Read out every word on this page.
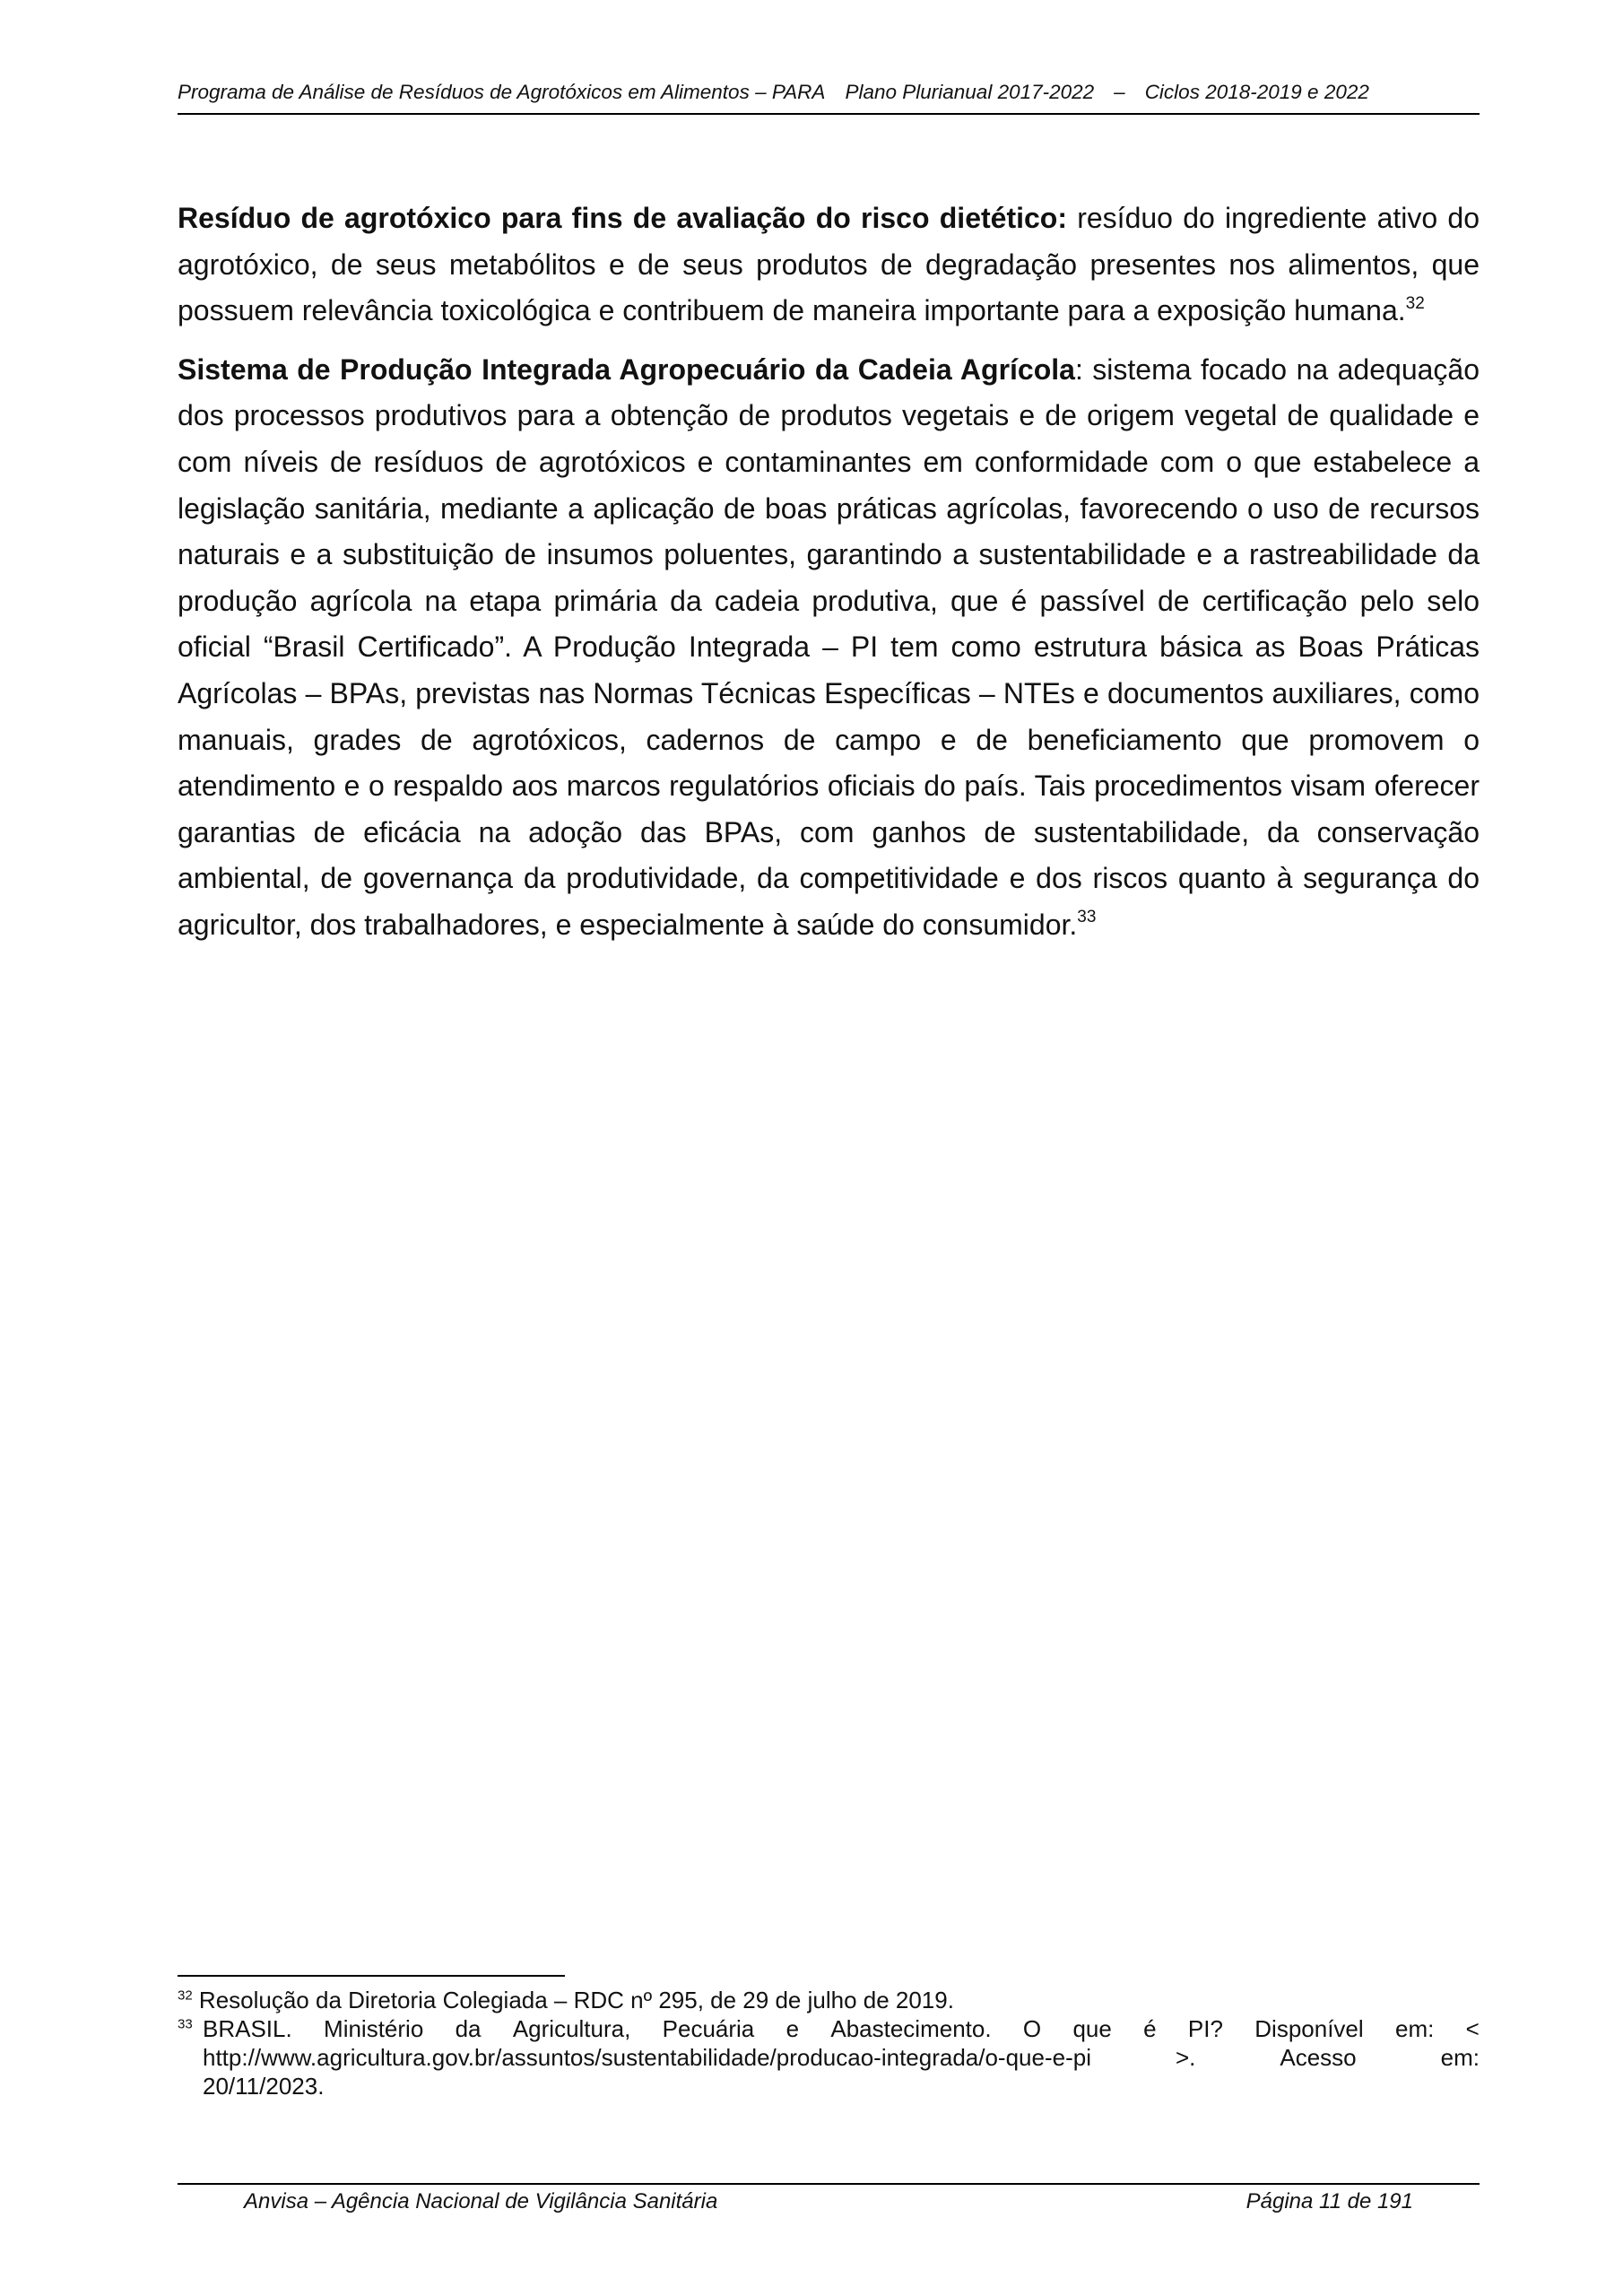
Programa de Análise de Resíduos de Agrotóxicos em Alimentos – PARA Plano Plurianual 2017-2022 – Ciclos 2018-2019 e 2022

Resíduo de agrotóxico para fins de avaliação do risco dietético: resíduo do ingrediente ativo do agrotóxico, de seus metabólitos e de seus produtos de degradação presentes nos alimentos, que possuem relevância toxicológica e contribuem de maneira importante para a exposição humana.$^{32}$

Sistema de Produção Integrada Agropecuário da Cadeia Agrícola: sistema focado na adequação dos processos produtivos para a obtenção de produtos vegetais e de origem vegetal de qualidade e com níveis de resíduos de agrotóxicos e contaminantes em conformidade com o que estabelece a legislação sanitária, mediante a aplicação de boas práticas agrícolas, favorecendo o uso de recursos naturais e a substituição de insumos poluentes, garantindo a sustentabilidade e a rastreabilidade da produção agrícola na etapa primária da cadeia produtiva, que é passível de certificação pelo selo oficial “Brasil Certificado”. A Produção Integrada – PI tem como estrutura básica as Boas Práticas Agrícolas – BPAs, previstas nas Normas Técnicas Específicas – NTEs e documentos auxiliares, como manuais, grades de agrotóxicos, cadernos de campo e de beneficiamento que promovem o atendimento e o respaldo aos marcos regulatórios oficiais do país. Tais procedimentos visam oferecer garantias de eficácia na adoção das BPAs, com ganhos de sustentabilidade, da conservação ambiental, de governança da produtividade, da competitividade e dos riscos quanto à segurança do agricultor, dos trabalhadores, e especialmente à saúde do consumidor.$^{33}$

$^{32}$ Resolução da Diretoria Colegiada – RDC nº 295, de 29 de julho de 2019.

$^{33}$ BRASIL. Ministério da Agricultura, Pecuária e Abastecimento. O que é PI? Disponível em: <
http://www.agricultura.gov.br/assuntos/sustentabilidade/producao-integrada/o-que-e-pi	>.	Acesso	em:
20/11/2023.
Anvisa – Agência Nacional de Vigilância Sanitária	Página 11 de 191
